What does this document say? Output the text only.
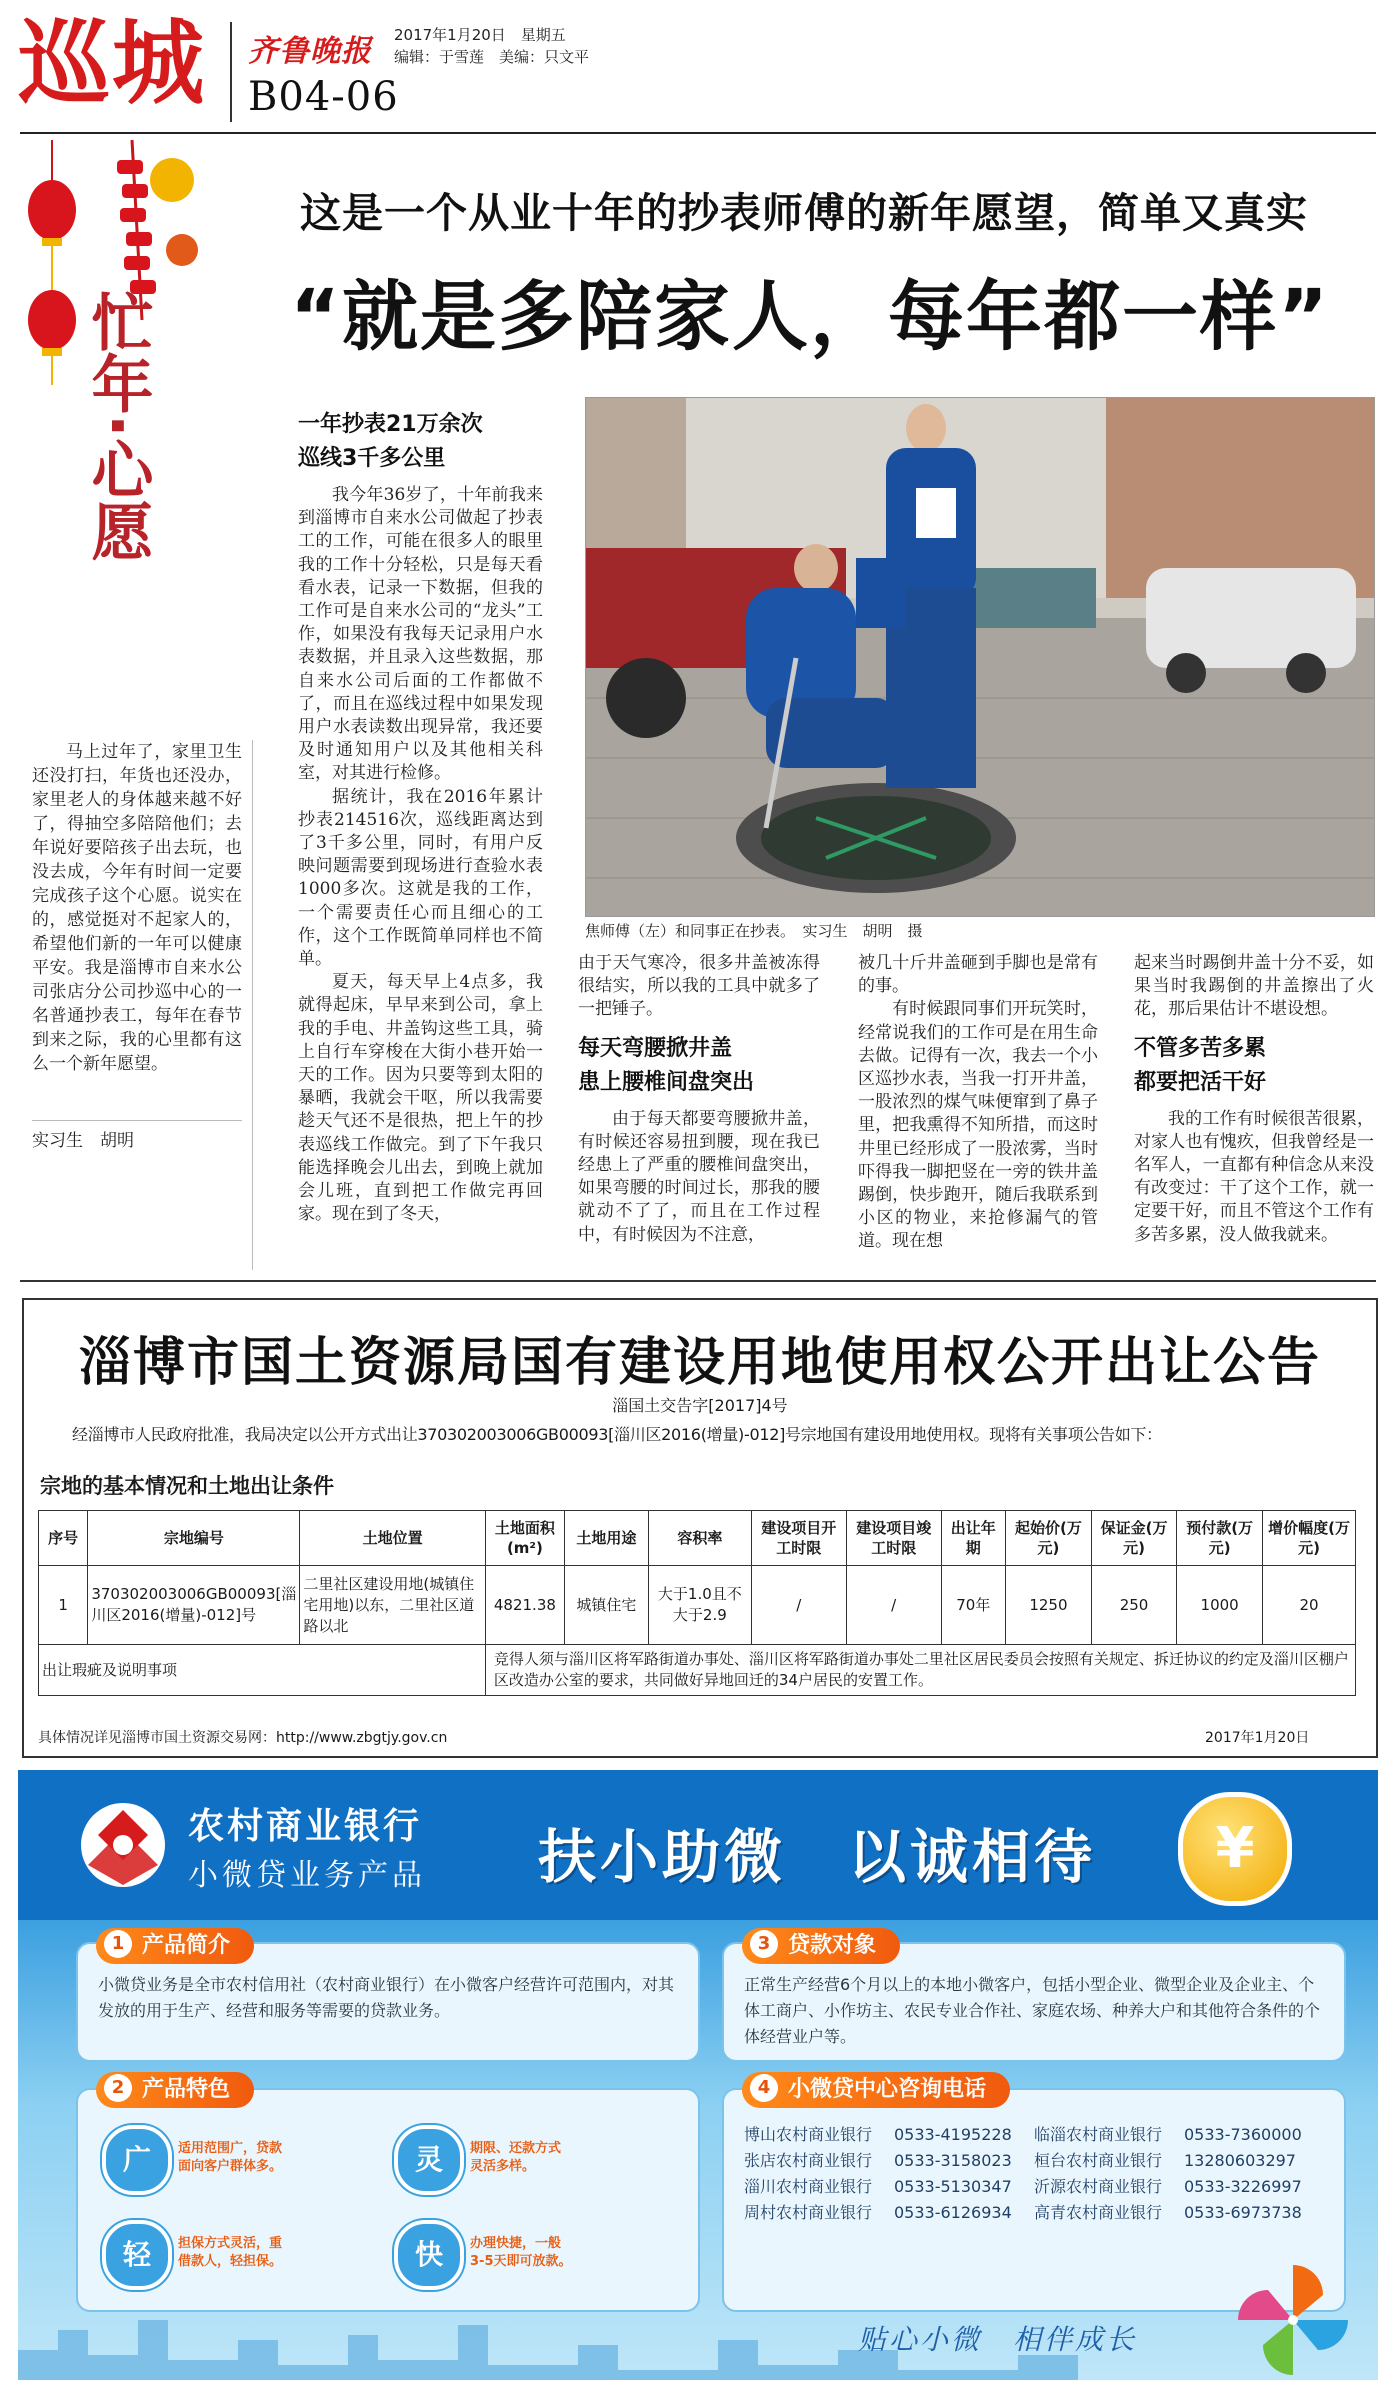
巡城 齐鲁晚报 2017年1月20日　星期五
编辑：于雪莲　美编：只文平
B04-06
忙年·心愿
这是一个从业十年的抄表师傅的新年愿望，简单又真实
“就是多陪家人，每年都一样”

马上过年了，家里卫生还没打扫，年货也还没办，家里老人的身体越来越不好了，得抽空多陪陪他们；去年说好要陪孩子出去玩，也没去成，今年有时间一定要完成孩子这个心愿。说实在的，感觉挺对不起家人的，希望他们新的一年可以健康平安。我是淄博市自来水公司张店分公司抄巡中心的一名普通抄表工，每年在春节到来之际，我的心里都有这么一个新年愿望。

实习生　胡明
一年抄表21万余次
巡线3千多公里

我今年36岁了，十年前我来到淄博市自来水公司做起了抄表工的工作，可能在很多人的眼里我的工作十分轻松，只是每天看看水表，记录一下数据，但我的工作可是自来水公司的“龙头”工作，如果没有我每天记录用户水表数据，并且录入这些数据，那自来水公司后面的工作都做不了，而且在巡线过程中如果发现用户水表读数出现异常，我还要及时通知用户以及其他相关科室，对其进行检修。

据统计，我在2016年累计抄表214516次，巡线距离达到了3千多公里，同时，有用户反映问题需要到现场进行查验水表1000多次。这就是我的工作，一个需要责任心而且细心的工作，这个工作既简单同样也不简单。

夏天，每天早上4点多，我就得起床，早早来到公司，拿上我的手电、井盖钩这些工具，骑上自行车穿梭在大街小巷开始一天的工作。因为只要等到太阳的暴晒，我就会干呕，所以我需要趁天气还不是很热，把上午的抄表巡线工作做完。到了下午我只能选择晚会儿出去，到晚上就加会儿班，直到把工作做完再回家。现在到了冬天，

焦师傅（左）和同事正在抄表。　实习生　胡明　摄

由于天气寒冷，很多井盖被冻得很结实，所以我的工具中就多了一把锤子。

每天弯腰掀井盖
患上腰椎间盘突出

由于每天都要弯腰掀井盖，有时候还容易扭到腰，现在我已经患上了严重的腰椎间盘突出，如果弯腰的时间过长，那我的腰就动不了了，而且在工作过程中，有时候因为不注意，

被几十斤井盖砸到手脚也是常有的事。

有时候跟同事们开玩笑时，经常说我们的工作可是在用生命去做。记得有一次，我去一个小区巡抄水表，当我一打开井盖，一股浓烈的煤气味便窜到了鼻子里，把我熏得不知所措，而这时井里已经形成了一股浓雾，当时吓得我一脚把竖在一旁的铁井盖踢倒，快步跑开，随后我联系到小区的物业，来抢修漏气的管道。现在想

起来当时踢倒井盖十分不妥，如果当时我踢倒的井盖擦出了火花，那后果估计不堪设想。

不管多苦多累
都要把活干好

我的工作有时候很苦很累，对家人也有愧疚，但我曾经是一名军人，一直都有种信念从来没有改变过：干了这个工作，就一定要干好，而且不管这个工作有多苦多累，没人做我就来。

淄博市国土资源局国有建设用地使用权公开出让公告
淄国土交告字[2017]4号
经淄博市人民政府批准，我局决定以公开方式出让370302003006GB00093[淄川区2016(增量)-012]号宗地国有建设用地使用权。现将有关事项公告如下：
宗地的基本情况和土地出让条件
序号	宗地编号	土地位置	土地面积(m²)	土地用途	容积率	建设项目开工时限	建设项目竣工时限	出让年期	起始价(万元)	保证金(万元)	预付款(万元)	增价幅度(万元)
1	370302003006GB00093[淄川区2016(增量)-012]号	二里社区建设用地(城镇住宅用地)以东，二里社区道路以北	4821.38	城镇住宅	大于1.0且不大于2.9	/	/	70年	1250	250	1000	20
出让瑕疵及说明事项			竞得人须与淄川区将军路街道办事处、淄川区将军路街道办事处二里社区居民委员会按照有关规定、拆迁协议的约定及淄川区棚户区改造办公室的要求，共同做好异地回迁的34户居民的安置工作。									
具体情况详见淄博市国土资源交易网：http://www.zbgtjy.gov.cn	2017年1月20日
农村商业银行
小微贷业务产品 扶小助微　以诚相待	¥
1 产品简介
小微贷业务是全市农村信用社（农村商业银行）在小微客户经营许可范围内，对其发放的用于生产、经营和服务等需要的贷款业务。
2 产品特色
广	适用范围广，贷款
面向客户群体多。	灵	期限、还款方式
灵活多样。
轻	担保方式灵活，重
借款人，轻担保。	快	办理快捷，一般
3-5天即可放款。
3 贷款对象
正常生产经营6个月以上的本地小微客户，包括小型企业、微型企业及企业主、个体工商户、小作坊主、农民专业合作社、家庭农场、种养大户和其他符合条件的个体经营业户等。
4 小微贷中心咨询电话
博山农村商业银行 0533-4195228 临淄农村商业银行 0533-7360000
张店农村商业银行 0533-3158023 桓台农村商业银行 13280603297
淄川农村商业银行 0533-5130347 沂源农村商业银行 0533-3226997
周村农村商业银行 0533-6126934 高青农村商业银行 0533-6973738
贴心小微　相伴成长
